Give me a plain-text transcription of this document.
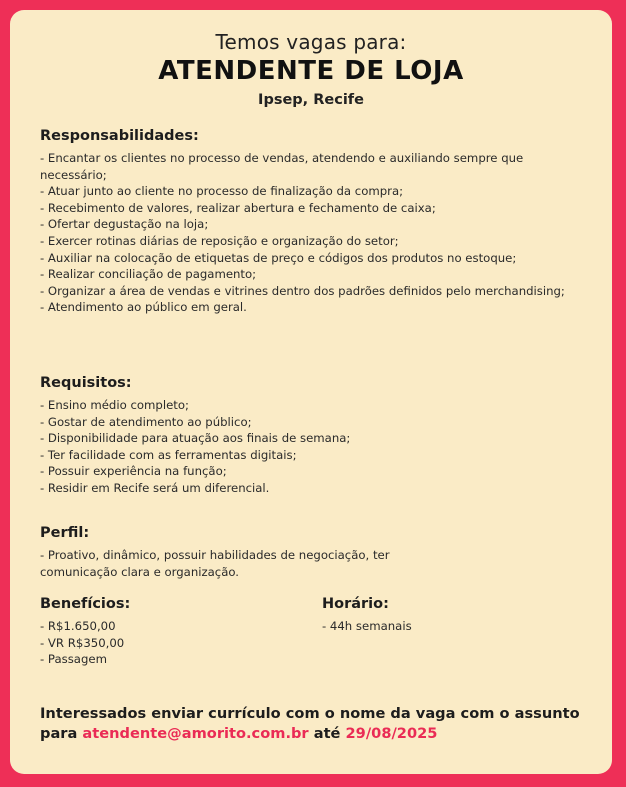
Temos vagas para:
ATENDENTE DE LOJA
Ipsep, Recife
Responsabilidades:
- Encantar os clientes no processo de vendas, atendendo e auxiliando sempre que necessário;
- Atuar junto ao cliente no processo de finalização da compra;
- Recebimento de valores, realizar abertura e fechamento de caixa;
- Ofertar degustação na loja;
- Exercer rotinas diárias de reposição e organização do setor;
- Auxiliar na colocação de etiquetas de preço e códigos dos produtos no estoque;
- Realizar conciliação de pagamento;
- Organizar a área de vendas e vitrines dentro dos padrões definidos pelo merchandising;
- Atendimento ao público em geral.
Requisitos:
- Ensino médio completo;
- Gostar de atendimento ao público;
- Disponibilidade para atuação aos finais de semana;
- Ter facilidade com as ferramentas digitais;
- Possuir experiência na função;
- Residir em Recife será um diferencial.
Perfil:
- Proativo, dinâmico, possuir habilidades de negociação, ter comunicação clara e organização.
Benefícios:
- R$1.650,00
- VR R$350,00
- Passagem
Horário:
- 44h semanais
Interessados enviar currículo com o nome da vaga com o assunto para atendente@amorito.com.br até 29/08/2025
